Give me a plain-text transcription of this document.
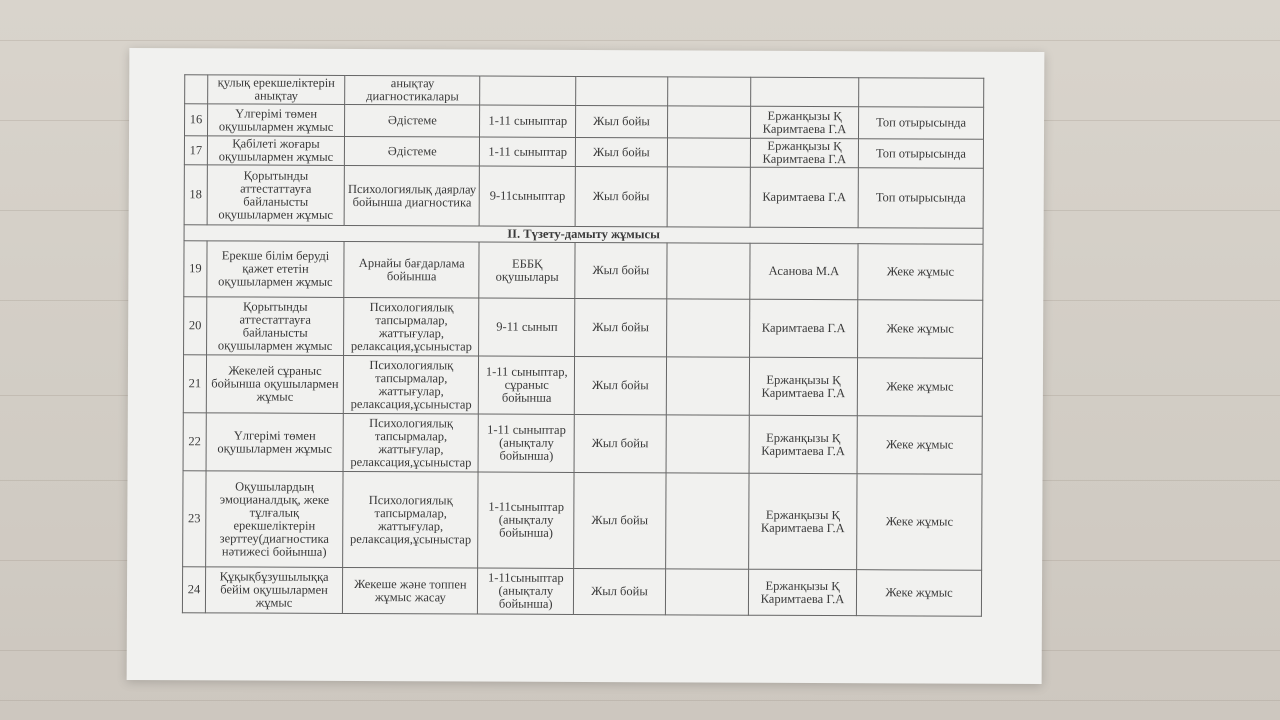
	қулық ерекшеліктерін анықтау	анықтау диагностикалары					
16	Үлгерімі төмен оқушылармен жұмыс	Әдістеме	1-11 сыныптар	Жыл бойы		Ержанқызы Қ Каримтаева Г.А	Топ отырысында
17	Қабілеті жоғары оқушылармен жұмыс	Әдістеме	1-11 сыныптар	Жыл бойы		Ержанқызы Қ Каримтаева Г.А	Топ отырысында
18	Қорытынды аттестаттауға байланысты оқушылармен жұмыс	Психологиялық даярлау бойынша диагностика	9-11сыныптар	Жыл бойы		Каримтаева Г.А	Топ отырысында
II. Түзету-дамыту жұмысы							
19	Ерекше білім беруді қажет ететін оқушылармен жұмыс	Арнайы бағдарлама бойынша	ЕББҚ оқушылары	Жыл бойы		Асанова М.А	Жеке жұмыс
20	Қорытынды аттестаттауға байланысты оқушылармен жұмыс	Психологиялық тапсырмалар, жаттығулар, релаксация,ұсыныстар	9-11 сынып	Жыл бойы		Каримтаева Г.А	Жеке жұмыс
21	Жекелей сұраныс бойынша оқушылармен жұмыс	Психологиялық тапсырмалар, жаттығулар, релаксация,ұсыныстар	1-11 сыныптар, сұраныс бойынша	Жыл бойы		Ержанқызы Қ Каримтаева Г.А	Жеке жұмыс
22	Үлгерімі төмен оқушылармен жұмыс	Психологиялық тапсырмалар, жаттығулар, релаксация,ұсыныстар	1-11 сыныптар (анықталу бойынша)	Жыл бойы		Ержанқызы Қ Каримтаева Г.А	Жеке жұмыс
23	Оқушылардың эмоцианалдық, жеке тұлғалық ерекшеліктерін зерттеу(диагностика нәтижесі бойынша)	Психологиялық тапсырмалар, жаттығулар, релаксация,ұсыныстар	1-11сыныптар (анықталу бойынша)	Жыл бойы		Ержанқызы Қ Каримтаева Г.А	Жеке жұмыс
24	Құқықбұзушылыққа бейім оқушылармен жұмыс	Жекеше және топпен жұмыс жасау	1-11сыныптар (анықталу бойынша)	Жыл бойы		Ержанқызы Қ Каримтаева Г.А	Жеке жұмыс
